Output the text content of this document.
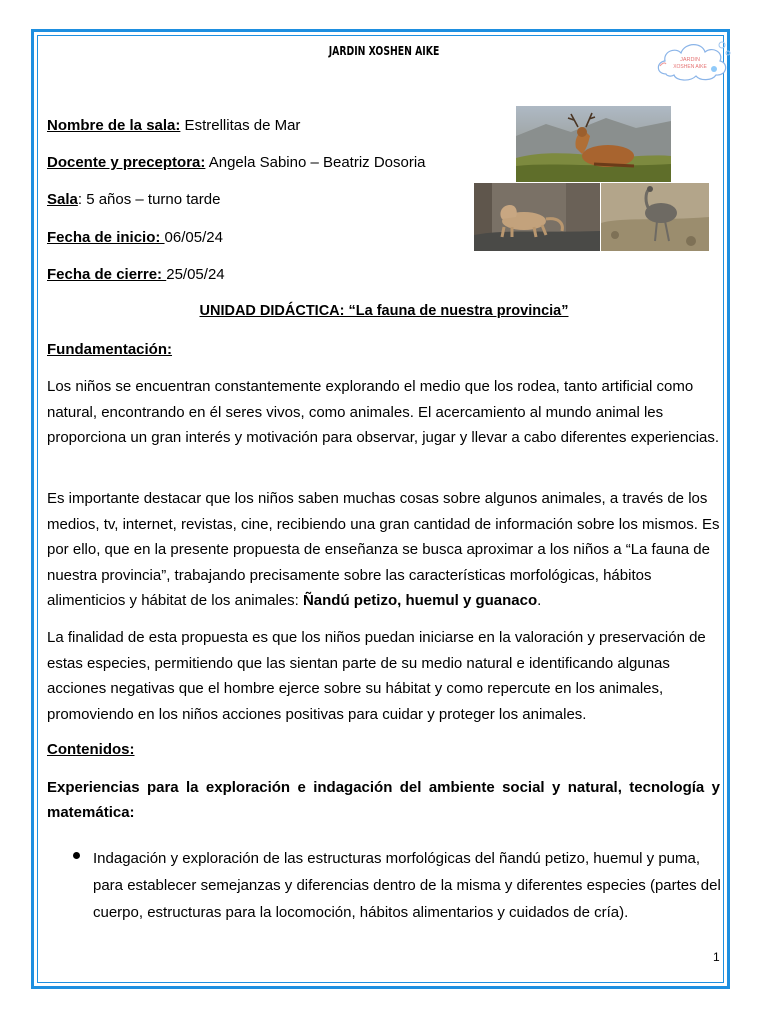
JARDIN XOSHEN AIKE
JARDIN
XOSHEN AIKE
Nombre de la sala: Estrellitas de Mar
Docente y preceptora: Angela Sabino – Beatriz Dosoria
Sala: 5 años – turno tarde
Fecha de inicio: 06/05/24
Fecha de cierre: 25/05/24
UNIDAD DIDÁCTICA: “La fauna de nuestra provincia”
Fundamentación:
Los niños se encuentran constantemente explorando el medio que los rodea, tanto artificial como natural, encontrando en él seres vivos, como animales. El acercamiento al mundo animal les proporciona un gran interés y motivación para observar, jugar y llevar a cabo diferentes experiencias.
Es importante destacar que los niños saben muchas cosas sobre algunos animales, a través de los medios, tv, internet, revistas, cine, recibiendo una gran cantidad de información sobre los mismos. Es por ello, que en la presente propuesta de enseñanza se busca aproximar a los niños a “La fauna de nuestra provincia”, trabajando precisamente sobre las características morfológicas, hábitos alimenticios y hábitat de los animales: Ñandú petizo, huemul y guanaco.
La finalidad de esta propuesta es que los niños puedan iniciarse en la valoración y preservación de estas especies, permitiendo que las sientan parte de su medio natural e identificando algunas acciones negativas que el hombre ejerce sobre su hábitat y como repercute en los animales, promoviendo en los niños acciones positivas para cuidar y proteger los animales.
Contenidos:
Experiencias para la exploración e indagación del ambiente social y natural, tecnología y matemática:
Indagación y exploración de las estructuras morfológicas del ñandú petizo, huemul y puma, para establecer semejanzas y diferencias dentro de la misma y diferentes especies (partes del cuerpo, estructuras para la locomoción, hábitos alimentarios y cuidados de cría).
1
